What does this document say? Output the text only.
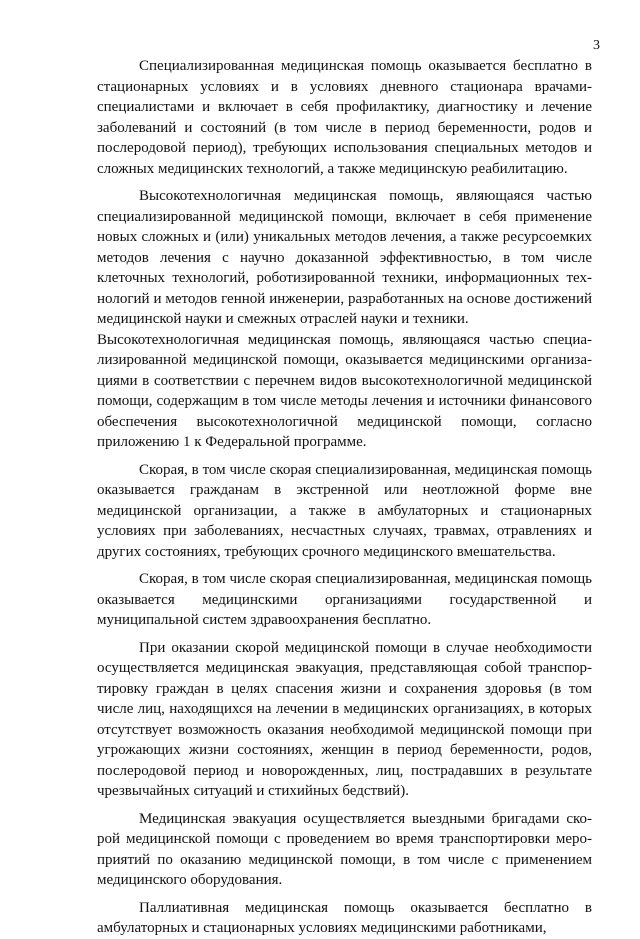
3

Специализированная медицинская помощь оказывается бесплатно в стационарных условиях и в условиях дневного стационара врачами-специалистами и включает в себя профилактику, диагностику и лечение заболеваний и состояний (в том числе в период беременности, родов и послеродовой период), требующих использования специальных методов и сложных медицинских технологий, а также медицинскую реабилитацию.

Высокотехнологичная медицинская помощь, являющаяся частью специализированной медицинской помощи, включает в себя применение новых сложных и (или) уникальных методов лечения, а также ресурсоемких методов лечения с научно доказанной эффективностью, в том числе клеточных технологий, роботизированной техники, информационных технологий и методов генной инженерии, разработанных на основе достижений медицинской науки и смежных отраслей науки и техники.

Высокотехнологичная медицинская помощь, являющаяся частью специализированной медицинской помощи, оказывается медицинскими организациями в соответствии с перечнем видов высокотехнологичной медицинской помощи, содержащим в том числе методы лечения и источники финансового обеспечения высокотехнологичной медицинской помощи, согласно приложению 1 к Федеральной программе.

Скорая, в том числе скорая специализированная, медицинская помощь оказывается гражданам в экстренной или неотложной форме вне медицинской организации, а также в амбулаторных и стационарных условиях при заболеваниях, несчастных случаях, травмах, отравлениях и других состояниях, требующих срочного медицинского вмешательства.

Скорая, в том числе скорая специализированная, медицинская помощь оказывается медицинскими организациями государственной и муниципальной систем здравоохранения бесплатно.

При оказании скорой медицинской помощи в случае необходимости осуществляется медицинская эвакуация, представляющая собой транспортировку граждан в целях спасения жизни и сохранения здоровья (в том числе лиц, находящихся на лечении в медицинских организациях, в которых отсутствует возможность оказания необходимой медицинской помощи при угрожающих жизни состояниях, женщин в период беременности, родов, послеродовой период и новорожденных, лиц, пострадавших в результате чрезвычайных ситуаций и стихийных бедствий).

Медицинская эвакуация осуществляется выездными бригадами скорой медицинской помощи с проведением во время транспортировки мероприятий по оказанию медицинской помощи, в том числе с применением медицинского оборудования.

Паллиативная медицинская помощь оказывается бесплатно в амбулаторных и стационарных условиях медицинскими работниками,
